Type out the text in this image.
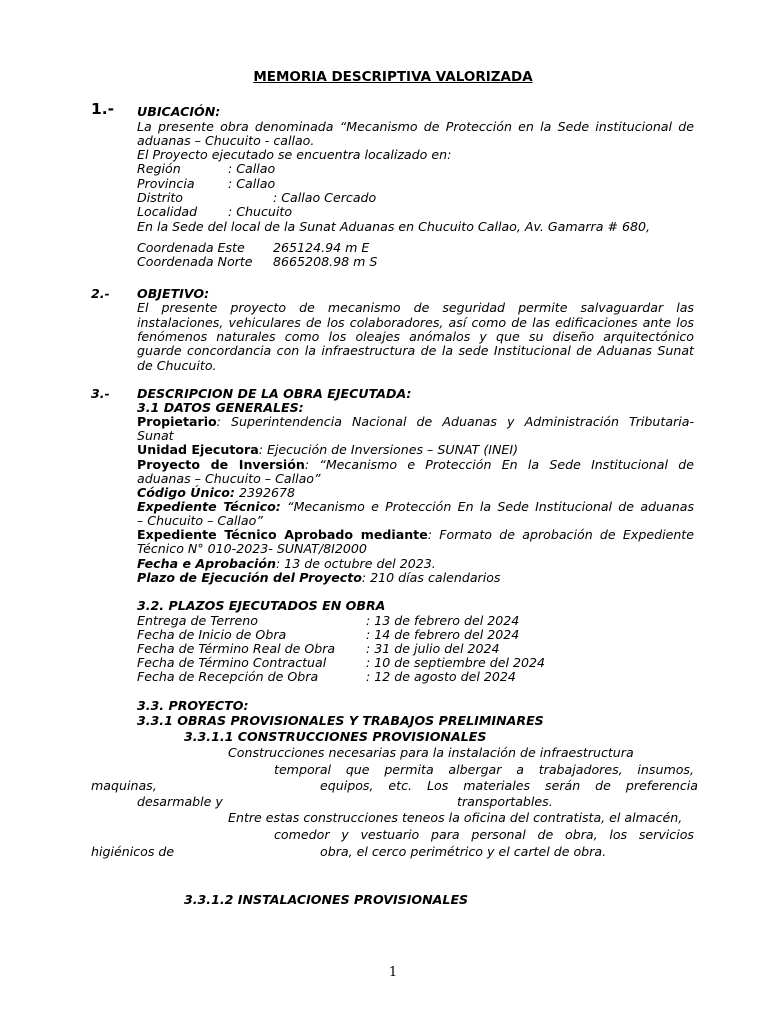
MEMORIA DESCRIPTIVA VALORIZADA
1.- UBICACIÓN:
La presente obra denominada “Mecanismo de Protección en la Sede institucional de
aduanas – Chucuito - callao.
El Proyecto ejecutado se encuentra localizado en:
Región	: Callao
Provincia	: Callao
Distrito	: Callao Cercado
Localidad : Chucuito
En la Sede del local de la Sunat Aduanas en Chucuito Callao, Av. Gamarra # 680,
Coordenada Este 265124.94 m E
Coordenada Norte 8665208.98 m S
2.- OBJETIVO:
El presente proyecto de mecanismo de seguridad permite salvaguardar las
instalaciones, vehiculares de los colaboradores, así como de las edificaciones ante los
fenómenos naturales como los oleajes anómalos y que su diseño arquitectónico
guarde concordancia con la infraestructura de la sede Institucional de Aduanas Sunat
de Chucuito.
3.- DESCRIPCION DE LA OBRA EJECUTADA:
3.1 DATOS GENERALES:
Propietario: Superintendencia Nacional de Aduanas y Administración Tributaria-
Sunat
Unidad Ejecutora: Ejecución de Inversiones – SUNAT (INEI)
Proyecto de Inversión: “Mecanismo e Protección En la Sede Institucional de
aduanas – Chucuito – Callao”
Código Único: 2392678
Expediente Técnico: “Mecanismo e Protección En la Sede Institucional de aduanas
– Chucuito – Callao”
Expediente Técnico Aprobado mediante: Formato de aprobación de Expediente
Técnico N° 010-2023- SUNAT/8I2000
Fecha e Aprobación: 13 de octubre del 2023.
Plazo de Ejecución del Proyecto: 210 días calendarios
3.2. PLAZOS EJECUTADOS EN OBRA
Entrega de Terreno	: 13 de febrero del 2024
Fecha de Inicio de Obra	: 14 de febrero del 2024
Fecha de Término Real de Obra : 31 de julio del 2024
Fecha de Término Contractual	: 10 de septiembre del 2024
Fecha de Recepción de Obra	: 12 de agosto del 2024
3.3. PROYECTO:
3.3.1 OBRAS PROVISIONALES Y TRABAJOS PRELIMINARES
3.3.1.1 CONSTRUCCIONES PROVISIONALES
Construcciones necesarias para la instalación de infraestructura
temporal que permita albergar a trabajadores, insumos,
maquinas,	equipos, etc. Los materiales serán de preferencia
desarmable y	transportables.
Entre estas construcciones teneos la oficina del contratista, el almacén,
comedor y vestuario para personal de obra, los servicios
higiénicos de	obra, el cerco perimétrico y el cartel de obra.
3.3.1.2 INSTALACIONES PROVISIONALES
1
